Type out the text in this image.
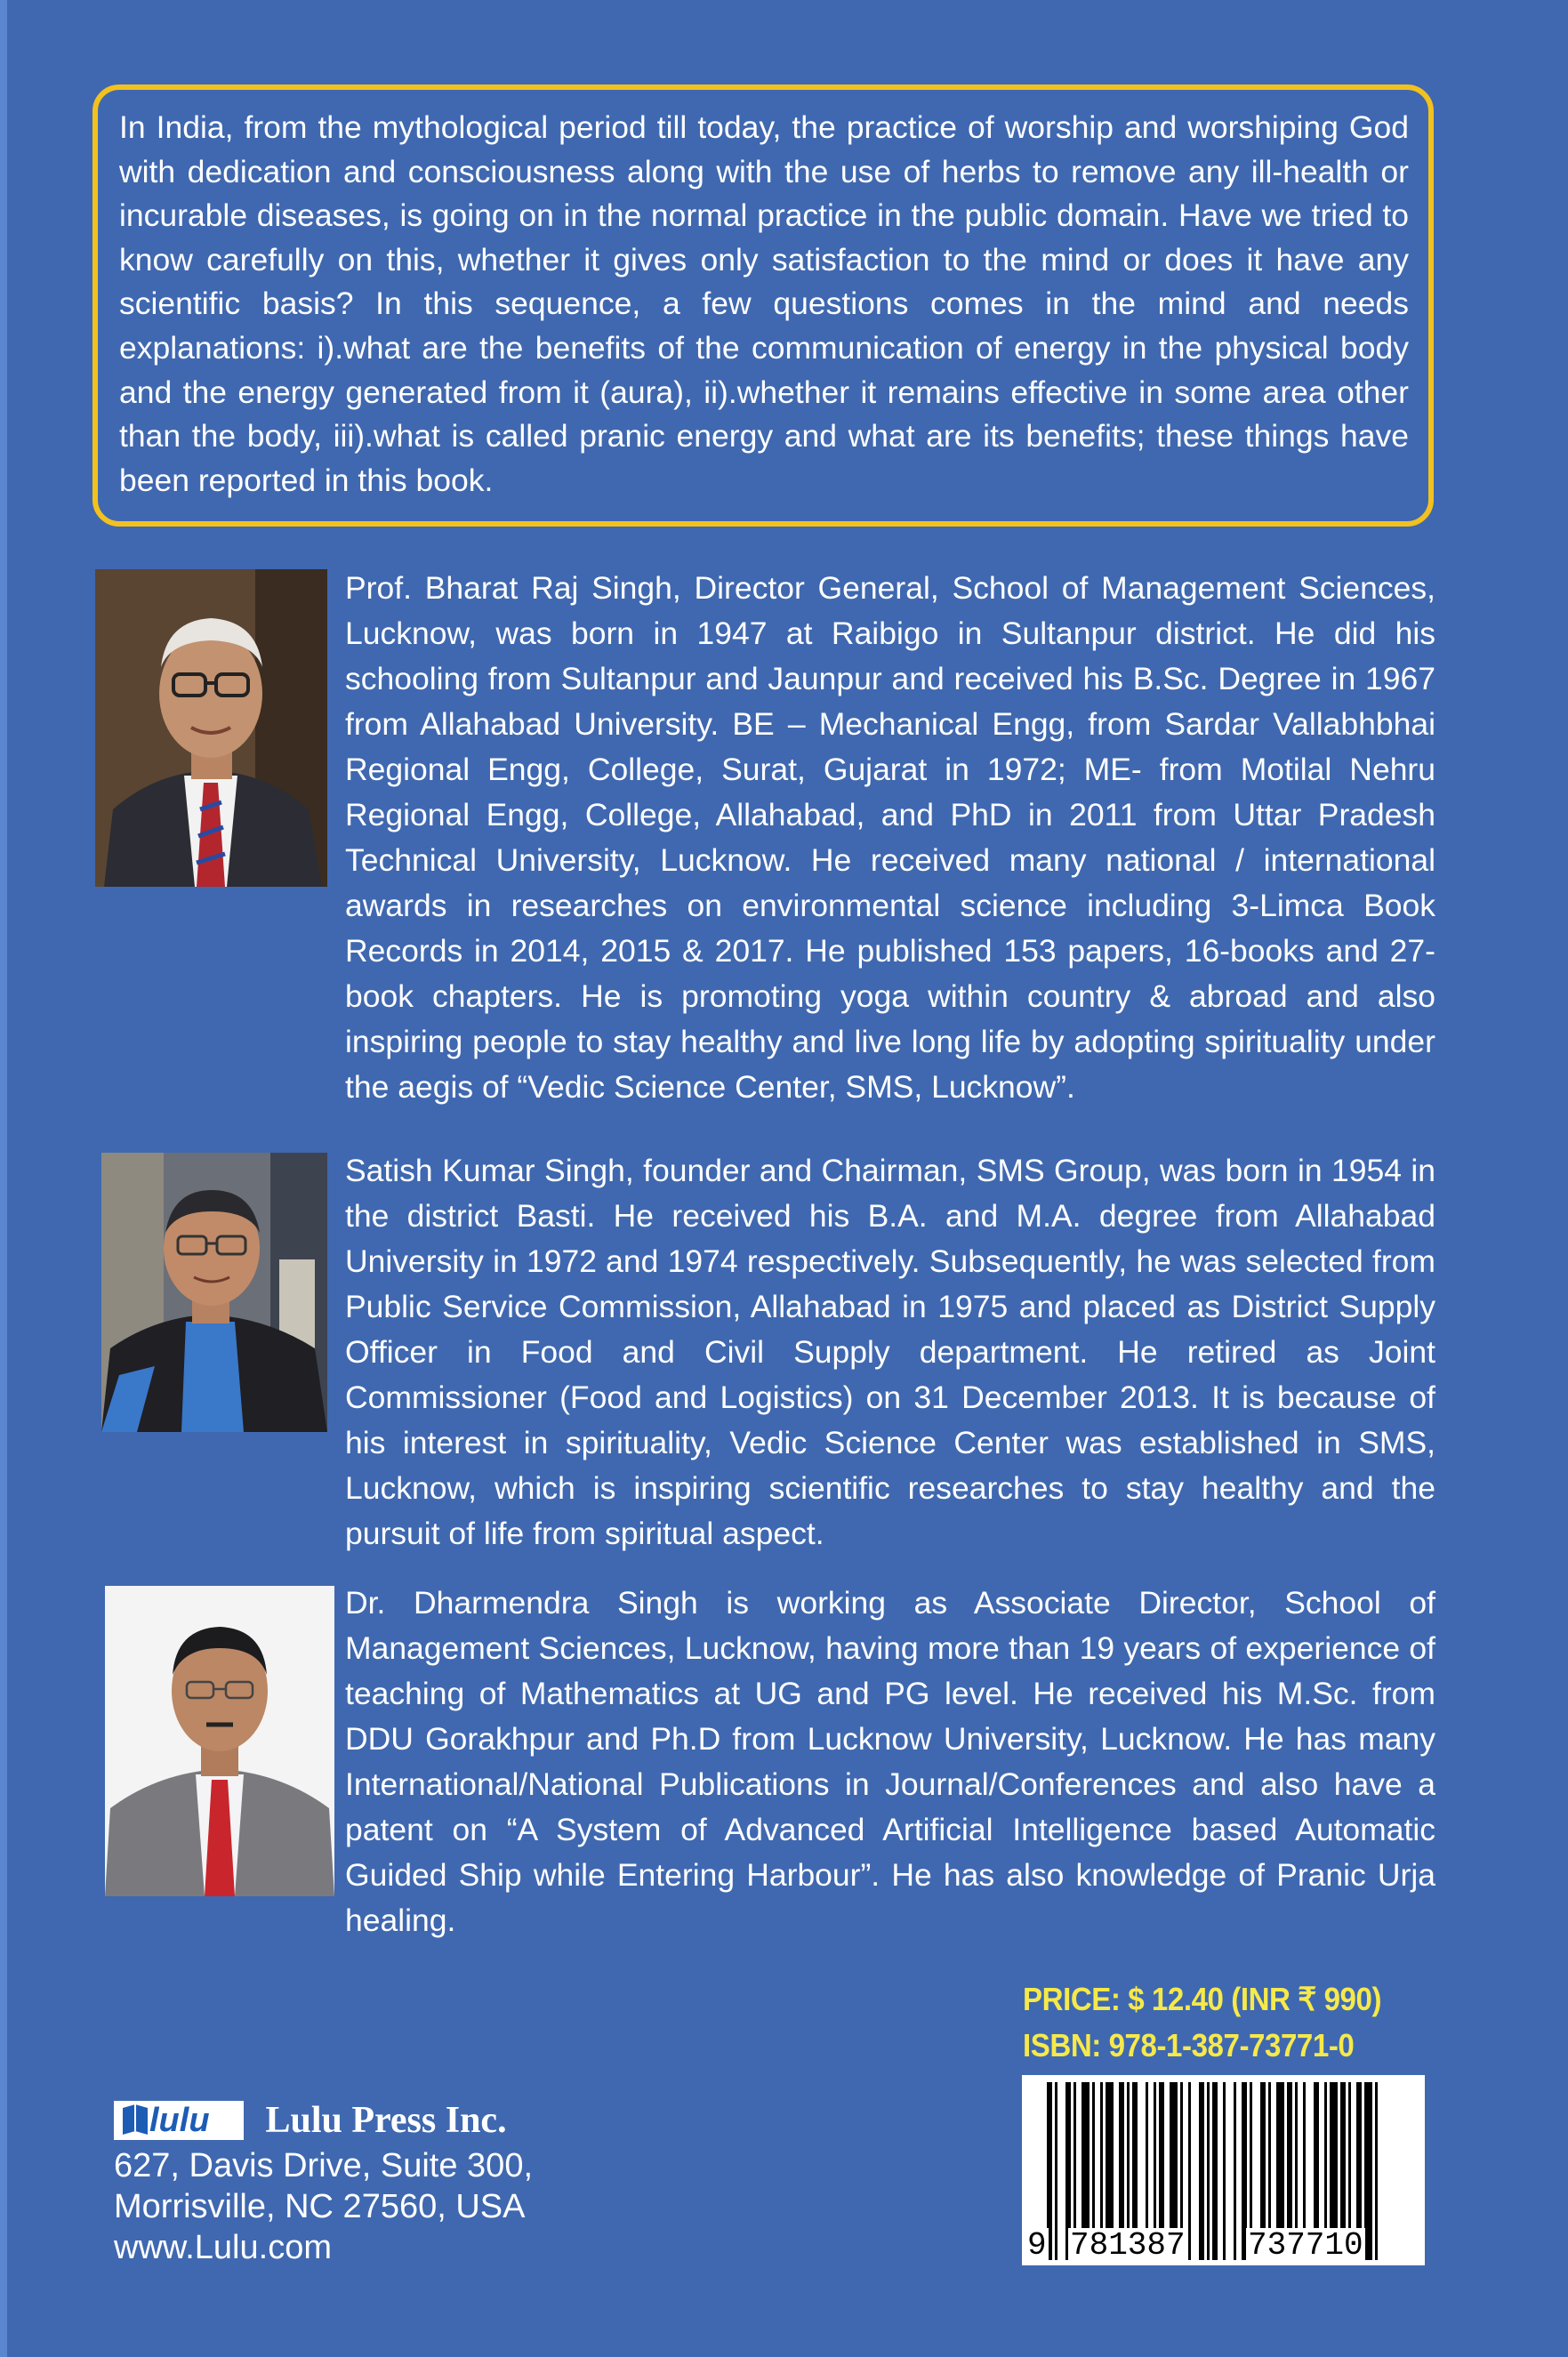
In India, from the mythological period till today, the practice of worship and worshiping God with dedication and consciousness along with the use of herbs to remove any ill-health or incurable diseases, is going on in the normal practice in the public domain. Have we tried to know carefully on this, whether it gives only satisfaction to the mind or does it have any scientific basis? In this sequence, a few questions comes in the mind and needs explanations: i).what are the benefits of the communication of energy in the physical body and the energy generated from it (aura), ii).whether it remains effective in some area other than the body, iii).what is called pranic energy and what are its benefits; these things have been reported in this book.

Prof. Bharat Raj Singh, Director General, School of Management Sciences, Lucknow, was born in 1947 at Raibigo in Sultanpur district. He did his schooling from Sultanpur and Jaunpur and received his B.Sc. Degree in 1967 from Allahabad University. BE – Mechanical Engg, from Sardar Vallabhbhai Regional Engg, College, Surat, Gujarat in 1972; ME- from Motilal Nehru Regional Engg, College, Allahabad, and PhD in 2011 from Uttar Pradesh Technical University, Lucknow. He received many national / international awards in researches on environmental science including 3-Limca Book Records in 2014, 2015 & 2017. He published 153 papers, 16-books and 27- book chapters. He is promoting yoga within country & abroad and also inspiring people to stay healthy and live long life by adopting spirituality under the aegis of “Vedic Science Center, SMS, Lucknow”.

Satish Kumar Singh, founder and Chairman, SMS Group, was born in 1954 in the district Basti. He received his B.A. and M.A. degree from Allahabad University in 1972 and 1974 respectively. Subsequently, he was selected from Public Service Commission, Allahabad in 1975 and placed as District Supply Officer in Food and Civil Supply department. He retired as Joint Commissioner (Food and Logistics) on 31 December 2013. It is because of his interest in spirituality, Vedic Science Center was established in SMS, Lucknow, which is inspiring scientific researches to stay healthy and the pursuit of life from spiritual aspect.

Dr. Dharmendra Singh is working as Associate Director, School of Management Sciences, Lucknow, having more than 19 years of experience of teaching of Mathematics at UG and PG level. He received his M.Sc. from DDU Gorakhpur and Ph.D from Lucknow University, Lucknow. He has many International/National Publications in Journal/Conferences and also have a patent on “A System of Advanced Artificial Intelligence based Automatic Guided Ship while Entering Harbour”. He has also knowledge of Pranic Urja healing.

PRICE: $ 12.40 (INR ₹ 990)
ISBN: 978-1-387-73771-0
9 781387 737710
lulu Lulu Press Inc.
627, Davis Drive, Suite 300,
Morrisville, NC 27560, USA
www.Lulu.com
